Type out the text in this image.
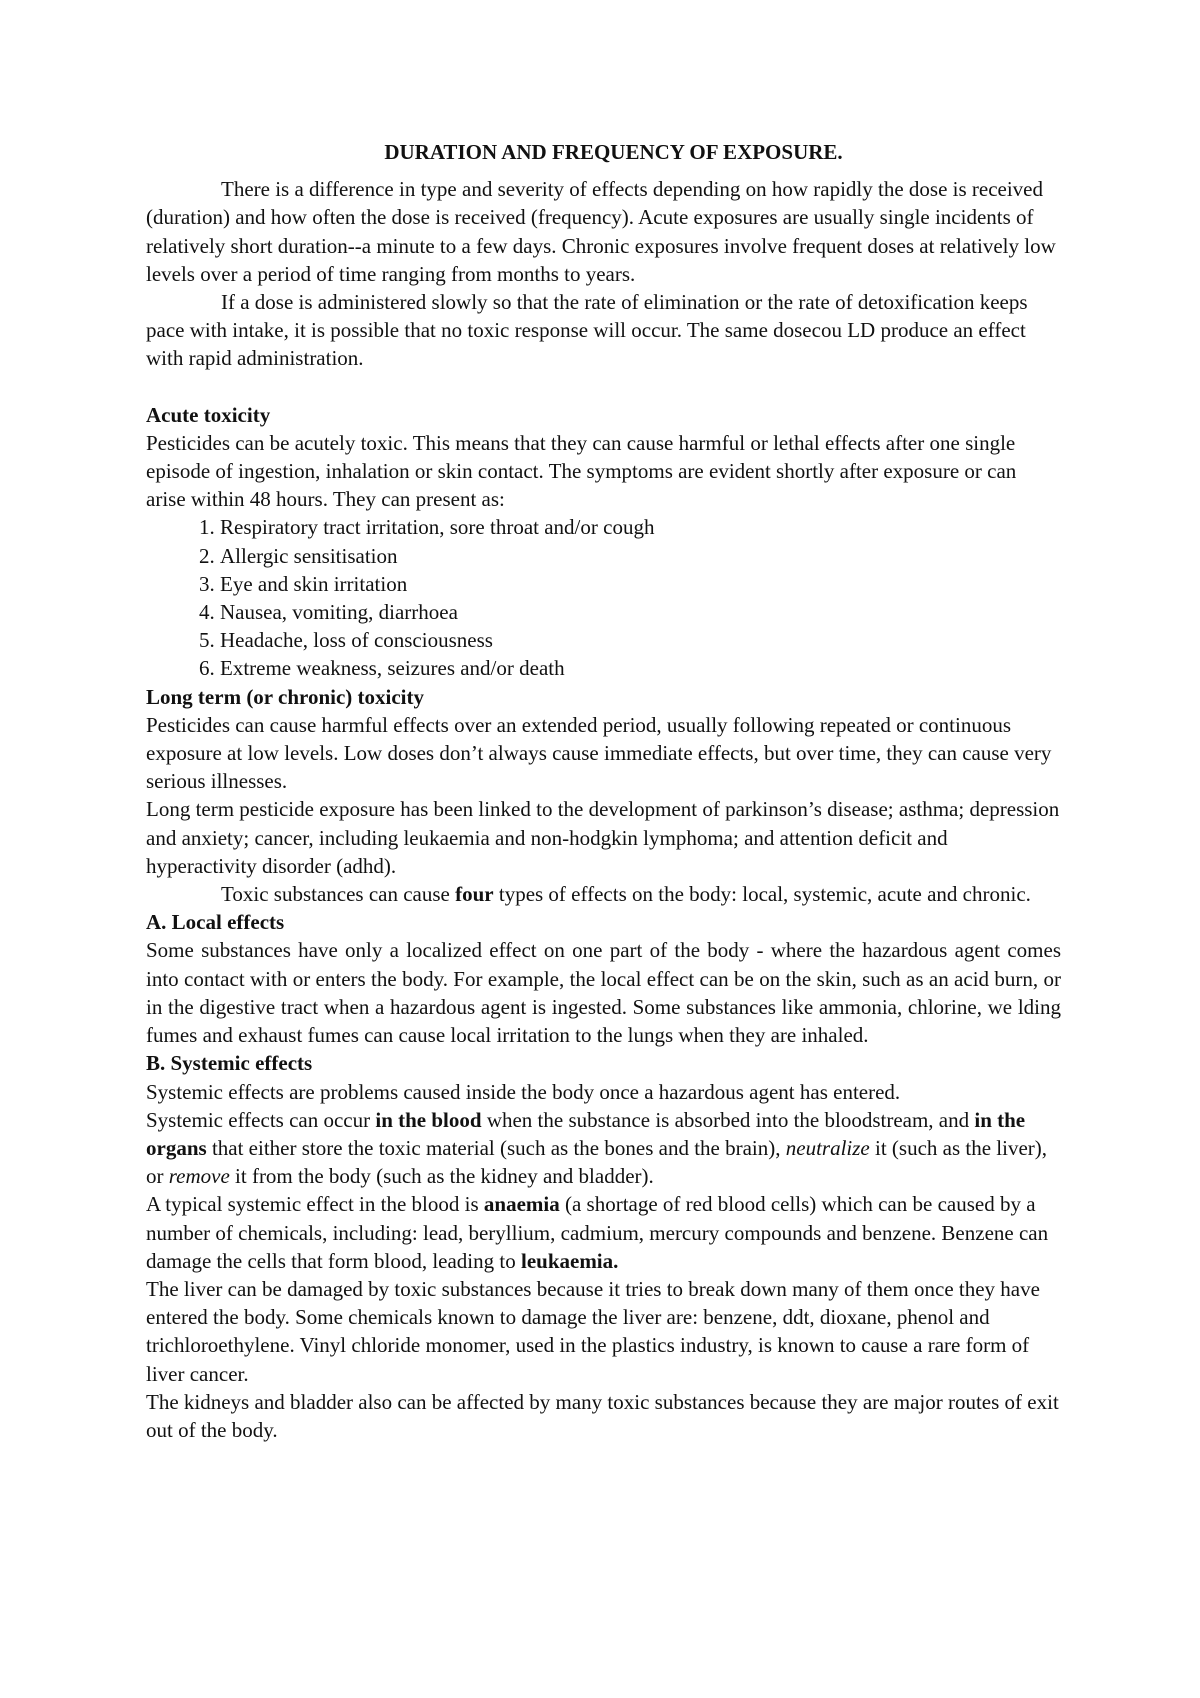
DURATION AND FREQUENCY OF EXPOSURE.

There is a difference in type and severity of effects depending on how rapidly the dose is received (duration) and how often the dose is received (frequency). Acute exposures are usually single incidents of relatively short duration--a minute to a few days. Chronic exposures involve frequent doses at relatively low levels over a period of time ranging from months to years.

If a dose is administered slowly so that the rate of elimination or the rate of detoxification keeps pace with intake, it is possible that no toxic response will occur. The same dosecou LD produce an effect with rapid administration.

Acute toxicity

Pesticides can be acutely toxic. This means that they can cause harmful or lethal effects after one single episode of ingestion, inhalation or skin contact. The symptoms are evident shortly after exposure or can arise within 48 hours. They can present as:

1. Respiratory tract irritation, sore throat and/or cough
2. Allergic sensitisation
3. Eye and skin irritation
4. Nausea, vomiting, diarrhoea
5. Headache, loss of consciousness
6. Extreme weakness, seizures and/or death

Long term (or chronic) toxicity

Pesticides can cause harmful effects over an extended period, usually following repeated or continuous exposure at low levels. Low doses don’t always cause immediate effects, but over time, they can cause very serious illnesses.

Long term pesticide exposure has been linked to the development of parkinson’s disease; asthma; depression and anxiety; cancer, including leukaemia and non-hodgkin lymphoma; and attention deficit and hyperactivity disorder (adhd).

Toxic substances can cause four types of effects on the body: local, systemic, acute and chronic.

A. Local effects

Some substances have only a localized effect on one part of the body - where the hazardous agent comes into contact with or enters the body. For example, the local effect can be on the skin, such as an acid burn, or in the digestive tract when a hazardous agent is ingested. Some substances like ammonia, chlorine, we lding fumes and exhaust fumes can cause local irritation to the lungs when they are inhaled.

B. Systemic effects

Systemic effects are problems caused inside the body once a hazardous agent has entered.

Systemic effects can occur in the blood when the substance is absorbed into the bloodstream, and in the organs that either store the toxic material (such as the bones and the brain), neutralize it (such as the liver), or remove it from the body (such as the kidney and bladder).

A typical systemic effect in the blood is anaemia (a shortage of red blood cells) which can be caused by a number of chemicals, including: lead, beryllium, cadmium, mercury compounds and benzene. Benzene can damage the cells that form blood, leading to leukaemia.

The liver can be damaged by toxic substances because it tries to break down many of them once they have entered the body. Some chemicals known to damage the liver are: benzene, ddt, dioxane, phenol and trichloroethylene. Vinyl chloride monomer, used in the plastics industry, is known to cause a rare form of liver cancer.

The kidneys and bladder also can be affected by many toxic substances because they are major routes of exit out of the body.
